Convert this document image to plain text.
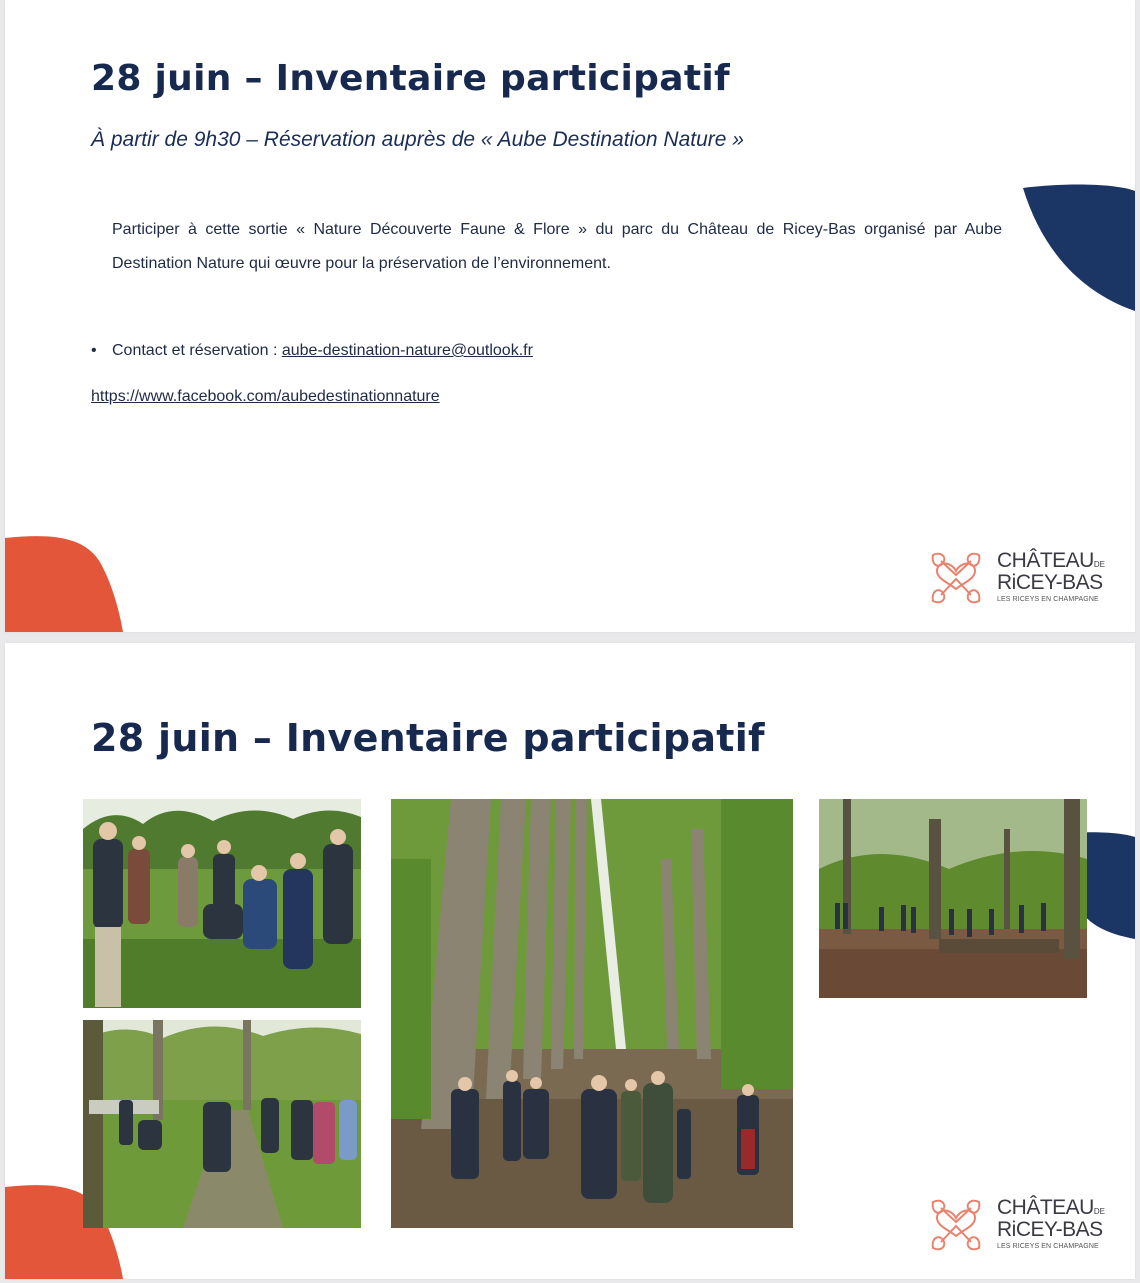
28 juin – Inventaire participatif

À partir de 9h30 – Réservation auprès de « Aube Destination Nature »

Participer à cette sortie « Nature Découverte Faune & Flore » du parc du Château de Ricey-Bas organisé par Aube Destination Nature qui œuvre pour la préservation de l’environnement.

• Contact et réservation : aube-destination-nature@outlook.fr

https://www.facebook.com/aubedestinationnature

CHÂTEAUDE
RiCEY-BAS
LES RICEYS EN CHAMPAGNE
28 juin – Inventaire participatif
CHÂTEAUDE
RiCEY-BAS
LES RICEYS EN CHAMPAGNE
